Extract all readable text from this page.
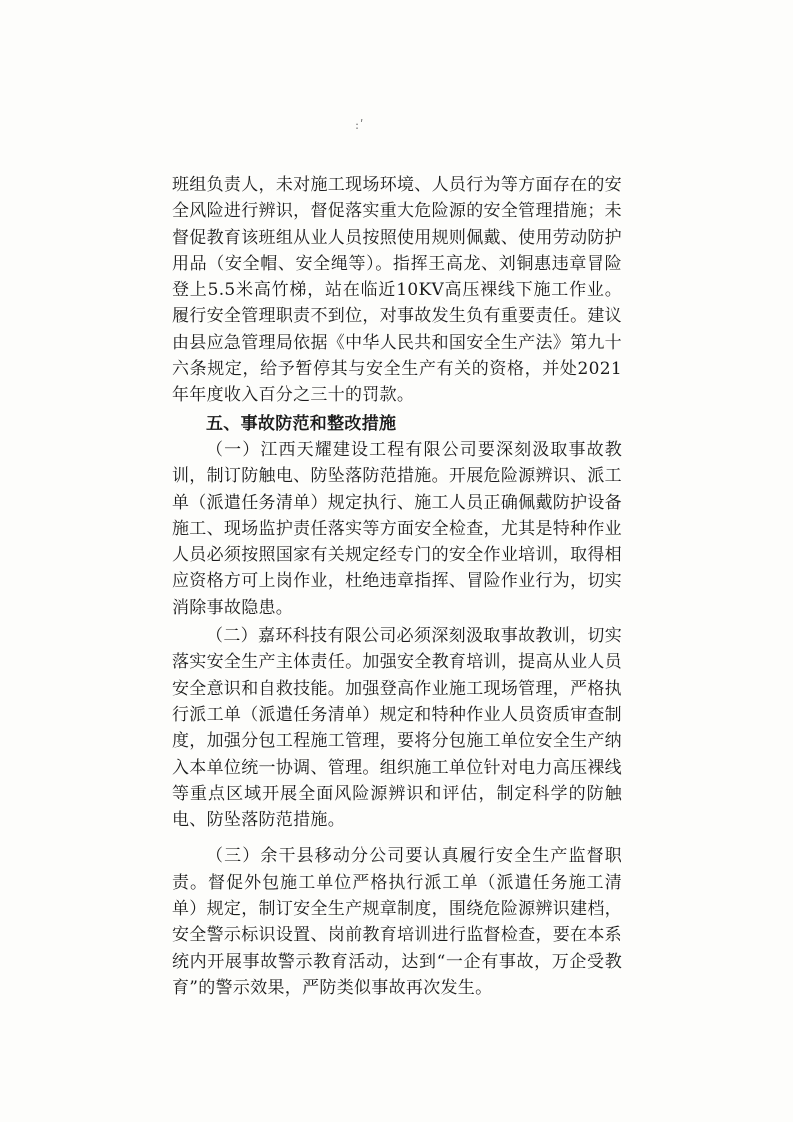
:ʹ

班组负责人，未对施工现场环境、人员行为等方面存在的安全风险进行辨识，督促落实重大危险源的安全管理措施；未督促教育该班组从业人员按照使用规则佩戴、使用劳动防护用品（安全帽、安全绳等）。指挥王高龙、刘铜惠违章冒险登上5.5米高竹梯，站在临近10KV高压裸线下施工作业。履行安全管理职责不到位，对事故发生负有重要责任。建议由县应急管理局依据《中华人民共和国安全生产法》第九十六条规定，给予暂停其与安全生产有关的资格，并处2021年年度收入百分之三十的罚款。

五、事故防范和整改措施

（一）江西天耀建设工程有限公司要深刻汲取事故教训，制订防触电、防坠落防范措施。开展危险源辨识、派工单（派遣任务清单）规定执行、施工人员正确佩戴防护设备施工、现场监护责任落实等方面安全检查，尤其是特种作业人员必须按照国家有关规定经专门的安全作业培训，取得相应资格方可上岗作业，杜绝违章指挥、冒险作业行为，切实消除事故隐患。

（二）嘉环科技有限公司必须深刻汲取事故教训，切实落实安全生产主体责任。加强安全教育培训，提高从业人员安全意识和自救技能。加强登高作业施工现场管理，严格执行派工单（派遣任务清单）规定和特种作业人员资质审查制度，加强分包工程施工管理，要将分包施工单位安全生产纳入本单位统一协调、管理。组织施工单位针对电力高压裸线等重点区域开展全面风险源辨识和评估，制定科学的防触电、防坠落防范措施。

（三）余干县移动分公司要认真履行安全生产监督职责。督促外包施工单位严格执行派工单（派遣任务施工清单）规定，制订安全生产规章制度，围绕危险源辨识建档，安全警示标识设置、岗前教育培训进行监督检查，要在本系统内开展事故警示教育活动，达到“一企有事故，万企受教育”的警示效果，严防类似事故再次发生。
